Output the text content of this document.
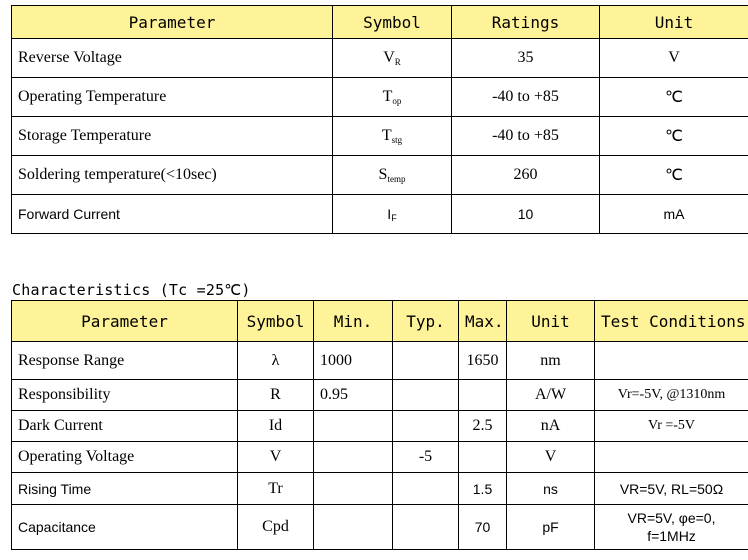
Parameter	Symbol	Ratings	Unit
Reverse Voltage	$V_R$	35	V
Operating Temperature	$T_{op}$	-40 to +85	℃
Storage Temperature	$T_{stg}$	-40 to +85	℃
Soldering temperature(<10sec)	$S_{temp}$	260	℃
Forward Current	$I_F$	10	mA
Characteristics (Tc =25℃)
Parameter	Symbol	Min.	Typ.	Max.	Unit	Test Conditions
Response Range	λ	1000		1650	nm	
Responsibility	R	0.95			A/W	Vr=-5V, @1310nm
Dark Current	Id			2.5	nA	Vr =-5V
Operating Voltage	V		-5		V	
Rising Time	Tr			1.5	ns	VR=5V, RL=50Ω
Capacitance	Cpd			70	pF	VR=5V, φe=0,
f=1MHz
